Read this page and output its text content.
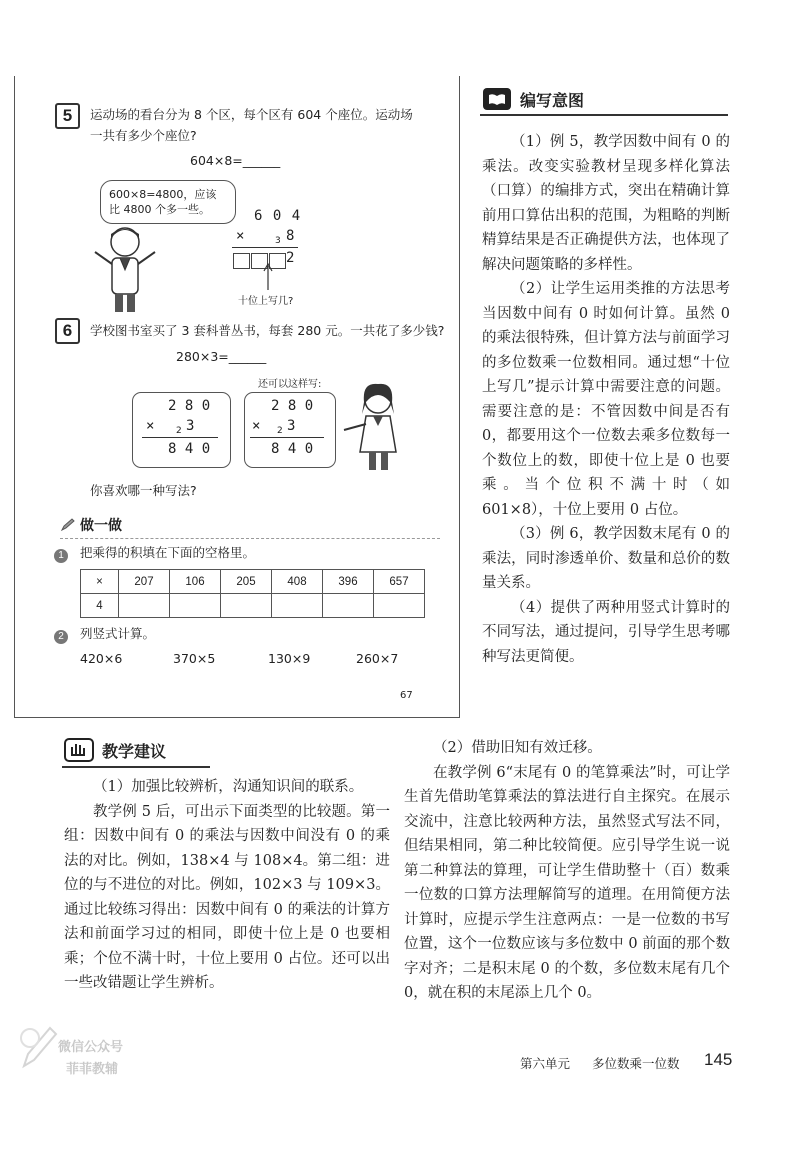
5	运动场的看台分为 8 个区，每个区有 604 个座位。运动场
一共有多少个座位?
604×8=______
600×8=4800，应该
比 4800 个多一些。	6 0 4
×	3 8
2
十位上写几?
6	学校图书室买了 3 套科普丛书，每套 280 元。一共花了多少钱?
280×3=______
还可以这样写:
2 8 0
× 2 3
8 4 0
2 8 0
× 2 3
8 4 0
你喜欢哪一种写法?
做一做
1	把乘得的积填在下面的空格里。
×	207	106	205	408	396	657
4						
2	列竖式计算。
420×6	370×5	130×9	260×7
67
编写意图

（1）例 5，教学因数中间有 0 的乘法。改变实验教材呈现多样化算法（口算）的编排方式，突出在精确计算前用口算估出积的范围，为粗略的判断精算结果是否正确提供方法，也体现了解决问题策略的多样性。

（2）让学生运用类推的方法思考当因数中间有 0 时如何计算。虽然 0 的乘法很特殊，但计算方法与前面学习的多位数乘一位数相同。通过想“十位上写几”提示计算中需要注意的问题。需要注意的是：不管因数中间是否有 0，都要用这个一位数去乘多位数每一个数位上的数，即使十位上是 0 也要乘。当个位积不满十时（如 601×8），十位上要用 0 占位。

（3）例 6，教学因数末尾有 0 的乘法，同时渗透单价、数量和总价的数量关系。

（4）提供了两种用竖式计算时的不同写法，通过提问，引导学生思考哪种写法更简便。

教学建议

（1）加强比较辨析，沟通知识间的联系。

教学例 5 后，可出示下面类型的比较题。第一组：因数中间有 0 的乘法与因数中间没有 0 的乘法的对比。例如，138×4 与 108×4。第二组：进位的与不进位的对比。例如，102×3 与 109×3。通过比较练习得出：因数中间有 0 的乘法的计算方法和前面学习过的相同，即使十位上是 0 也要相乘；个位不满十时，十位上要用 0 占位。还可以出一些改错题让学生辨析。

（2）借助旧知有效迁移。

在教学例 6“末尾有 0 的笔算乘法”时，可让学生首先借助笔算乘法的算法进行自主探究。在展示交流中，注意比较两种方法，虽然竖式写法不同，但结果相同，第二种比较简便。应引导学生说一说第二种算法的算理，可让学生借助整十（百）数乘一位数的口算方法理解简写的道理。在用简便方法计算时，应提示学生注意两点：一是一位数的书写位置，这个一位数应该与多位数中 0 前面的那个数字对齐；二是积末尾 0 的个数，多位数末尾有几个 0，就在积的末尾添上几个 0。

微信公众号
菲菲教辅	第六单元 多位数乘一位数 145
